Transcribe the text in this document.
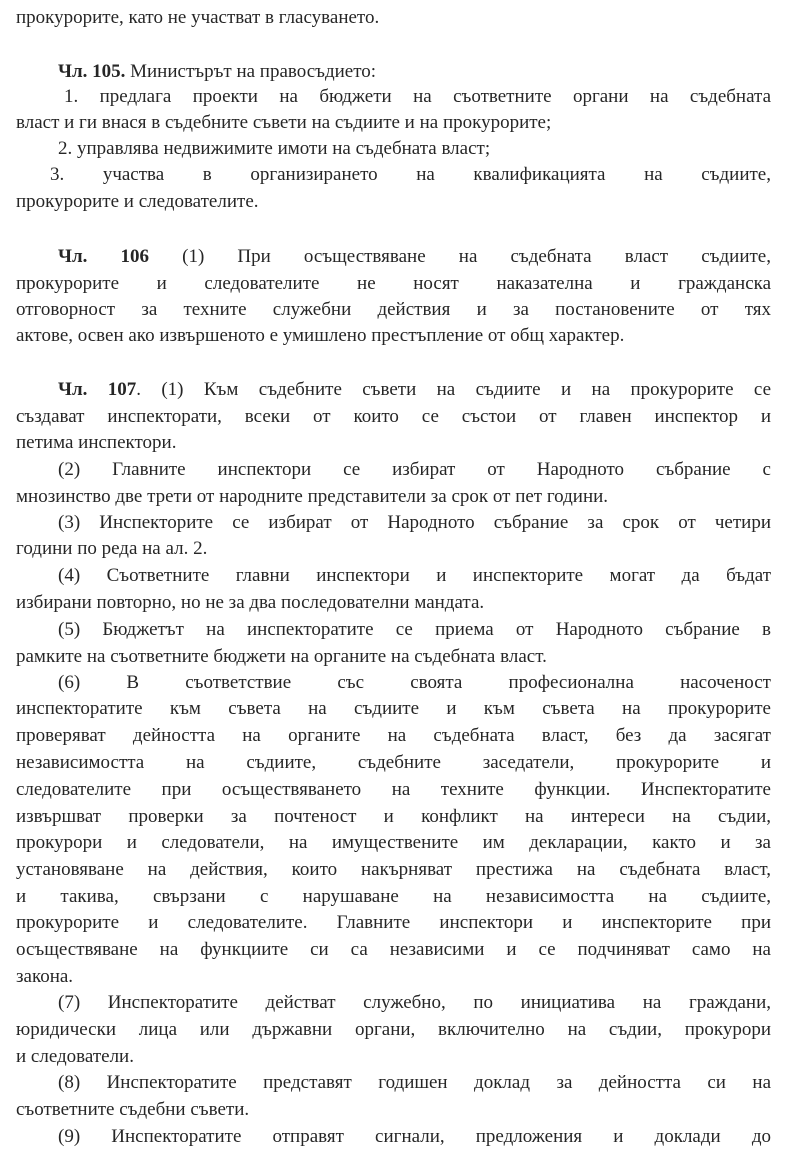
прокурорите, като не участват в гласуването.
Чл. 105. Министърът на правосъдието:
1. предлага проекти на бюджети на съответните органи на съдебната
власт и ги внася в съдебните съвети на съдиите и на прокурорите;
2. управлява недвижимите имоти на съдебната власт;
3. участва в организирането на квалификацията на съдиите,
прокурорите и следователите.
Чл. 106 (1) При осъществяване на съдебната власт съдиите,
прокурорите и следователите не носят наказателна и гражданска
отговорност за техните служебни действия и за постановените от тях
актове, освен ако извършеното е умишлено престъпление от общ характер.
Чл. 107. (1) Към съдебните съвети на съдиите и на прокурорите се
създават инспекторати, всеки от които се състои от главен инспектор и
петима инспектори.
(2) Главните инспектори се избират от Народното събрание с
мнозинство две трети от народните представители за срок от пет години.
(3) Инспекторите се избират от Народното събрание за срок от четири
години по реда на ал. 2.
(4) Съответните главни инспектори и инспекторите могат да бъдат
избирани повторно, но не за два последователни мандата.
(5) Бюджетът на инспекторатите се приема от Народното събрание в
рамките на съответните бюджети на органите на съдебната власт.
(6) В съответствие със своята професионална насоченост
инспекторатите към съвета на съдиите и към съвета на прокурорите
проверяват дейността на органите на съдебната власт, без да засягат
независимостта на съдиите, съдебните заседатели, прокурорите и
следователите при осъществяването на техните функции. Инспекторатите
извършват проверки за почтеност и конфликт на интереси на съдии,
прокурори и следователи, на имуществените им декларации, както и за
установяване на действия, които накърняват престижа на съдебната власт,
и такива, свързани с нарушаване на независимостта на съдиите,
прокурорите и следователите. Главните инспектори и инспекторите при
осъществяване на функциите си са независими и се подчиняват само на
закона.
(7) Инспекторатите действат служебно, по инициатива на граждани,
юридически лица или държавни органи, включително на съдии, прокурори
и следователи.
(8) Инспекторатите представят годишен доклад за дейността си на
съответните съдебни съвети.
(9) Инспекторатите отправят сигнали, предложения и доклади до
